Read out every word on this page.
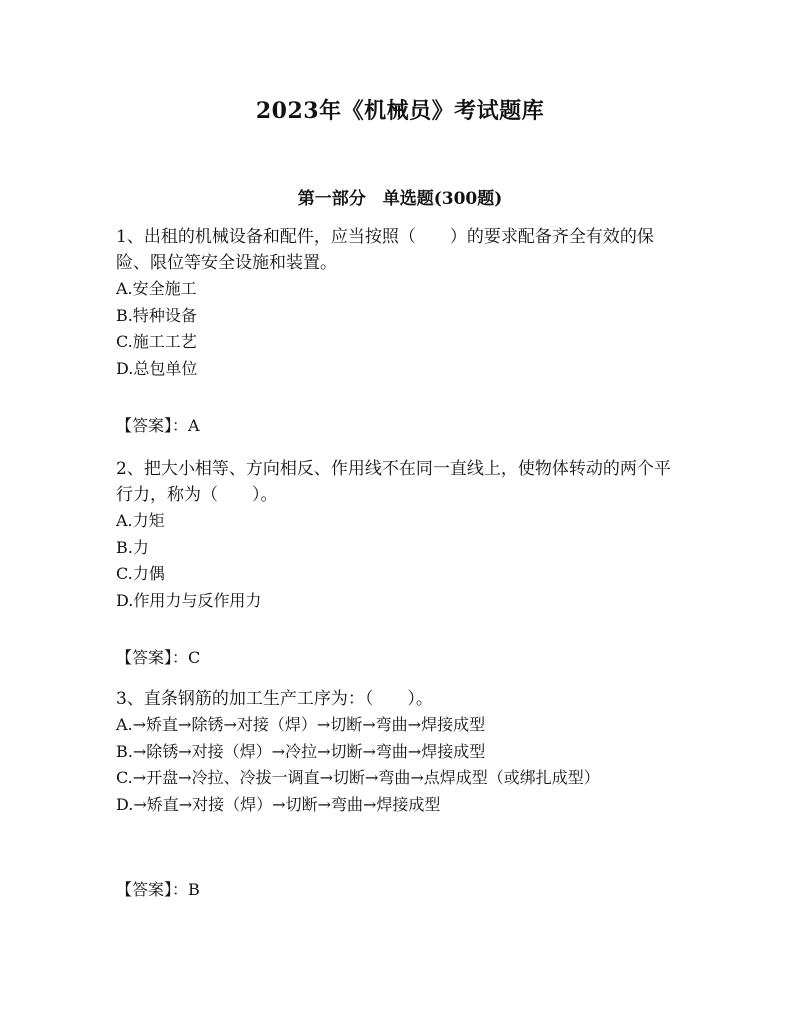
2023年《机械员》考试题库
第一部分　单选题(300题)

1、出租的机械设备和配件，应当按照（　　）的要求配备齐全有效的保险、限位等安全设施和装置。

A.安全施工

B.特种设备

C.施工工艺

D.总包单位

【答案】：A

2、把大小相等、方向相反、作用线不在同一直线上，使物体转动的两个平行力，称为（　　）。

A.力矩

B.力

C.力偶

D.作用力与反作用力

【答案】：C

3、直条钢筋的加工生产工序为：（　　）。

A.→矫直→除锈→对接（焊）→切断→弯曲→焊接成型

B.→除锈→对接（焊）→冷拉→切断→弯曲→焊接成型

C.→开盘→冷拉、冷拔一调直→切断→弯曲→点焊成型（或绑扎成型）

D.→矫直→对接（焊）→切断→弯曲→焊接成型

【答案】：B
